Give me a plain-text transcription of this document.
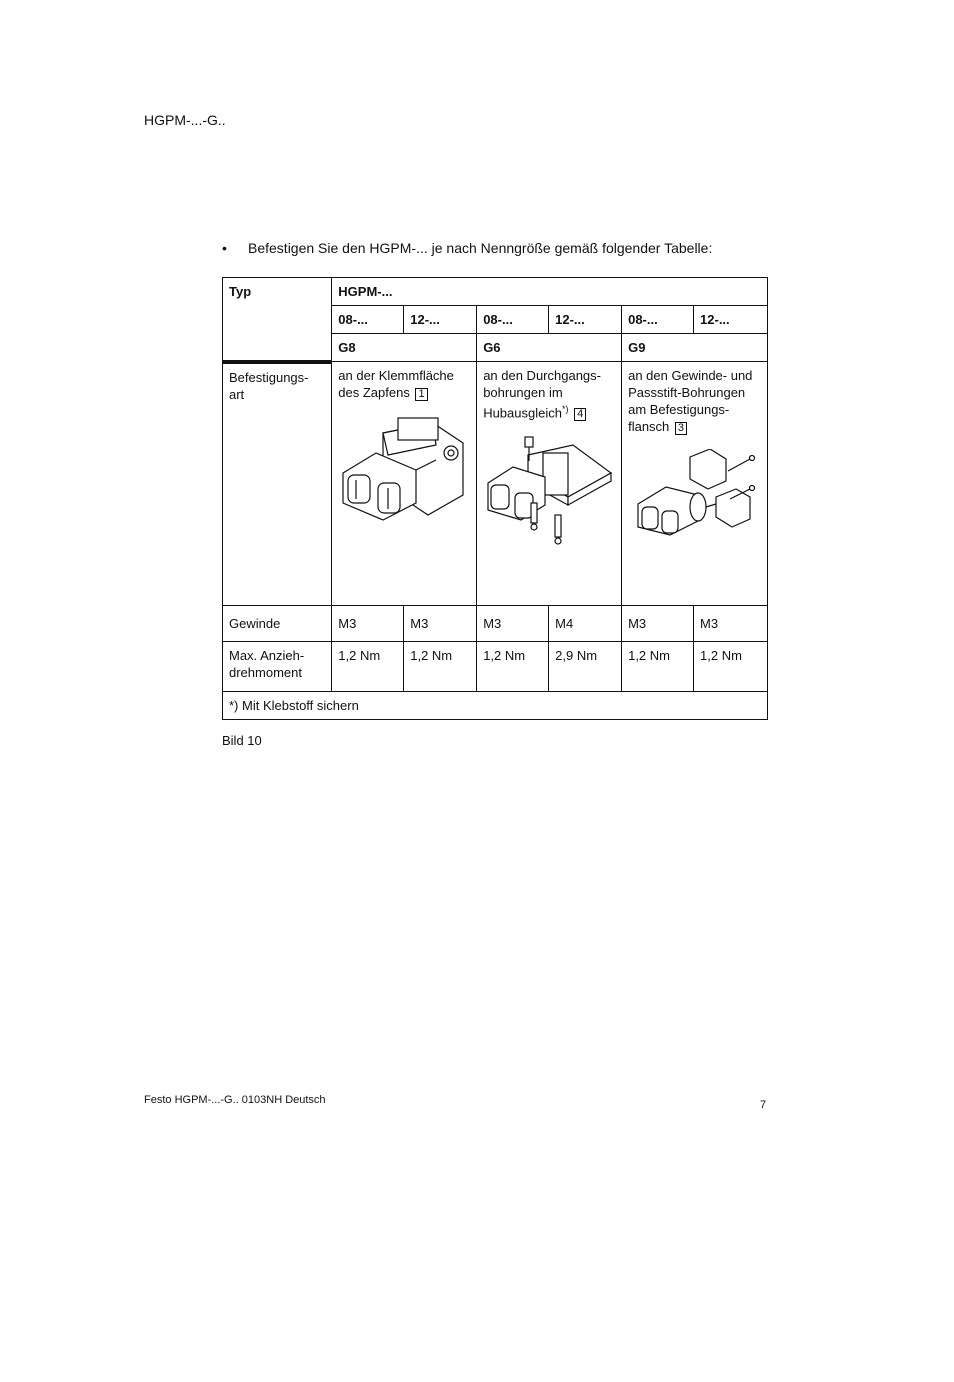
HGPM-...-G..
• Befestigen Sie den HGPM-... je nach Nenngröße gemäß folgender Tabelle:
Typ	HGPM-...					
	08-...	12-...	08-...	12-...	08-...	12-...
	G8		G6		G9	
Befestigungs-
art	an der Klemmfläche des Zapfens 1		an den Durchgangs-bohrungen im Hubausgleich*) 4		an den Gewinde- und Passstift-Bohrungen am Befestigungs-flansch 3	

Gewinde	M3	M3	M3	M4	M3	M3
Max. Anzieh-drehmoment	1,2 Nm	1,2 Nm	1,2 Nm	2,9 Nm	1,2 Nm	1,2 Nm
*) Mit Klebstoff sichern						
Bild 10
Festo HGPM-...-G.. 0103NH Deutsch	7
